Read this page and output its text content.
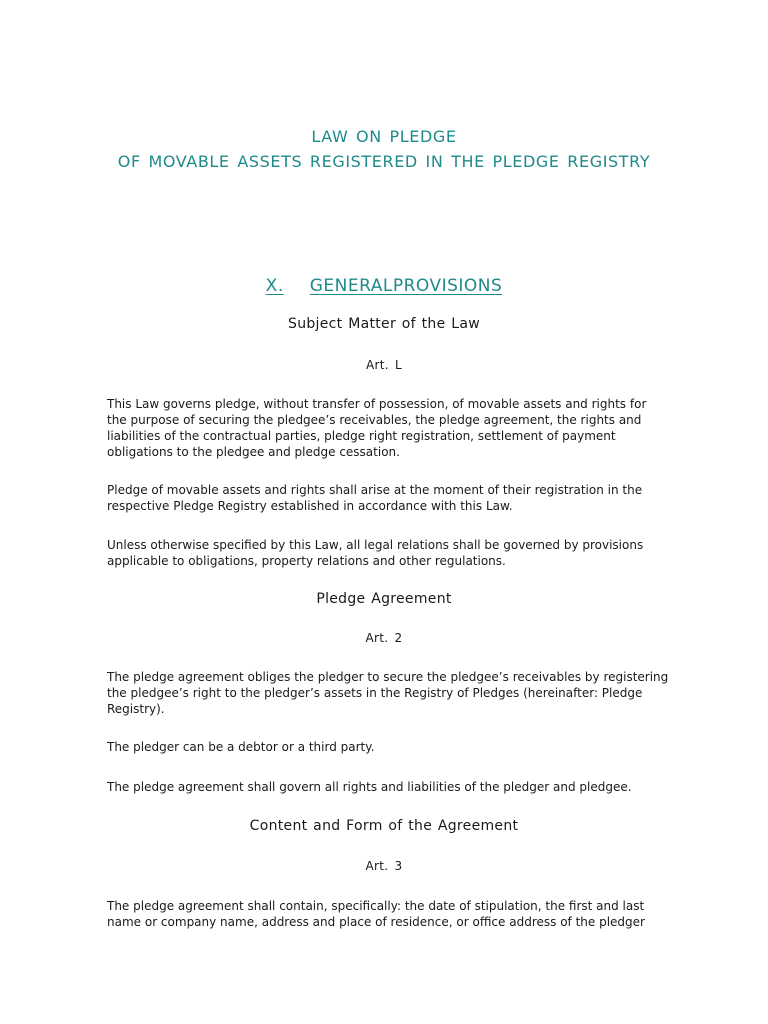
LAW ON PLEDGE
OF MOVABLE ASSETS REGISTERED IN THE PLEDGE REGISTRY
X. GENERALPROVISIONS
Subject Matter of the Law
Art. L
This Law governs pledge, without transfer of possession, of movable assets and rights for
the purpose of securing the pledgee’s receivables, the pledge agreement, the rights and
liabilities of the contractual parties, pledge right registration, settlement of payment
obligations to the pledgee and pledge cessation.
Pledge of movable assets and rights shall arise at the moment of their registration in the
respective Pledge Registry established in accordance with this Law.
Unless otherwise specified by this Law, all legal relations shall be governed by provisions
applicable to obligations, property relations and other regulations.
Pledge Agreement
Art. 2
The pledge agreement obliges the pledger to secure the pledgee’s receivables by registering
the pledgee’s right to the pledger’s assets in the Registry of Pledges (hereinafter: Pledge
Registry).
The pledger can be a debtor or a third party.
The pledge agreement shall govern all rights and liabilities of the pledger and pledgee.
Content and Form of the Agreement
Art. 3
The pledge agreement shall contain, specifically: the date of stipulation, the first and last
name or company name, address and place of residence, or office address of the pledger
